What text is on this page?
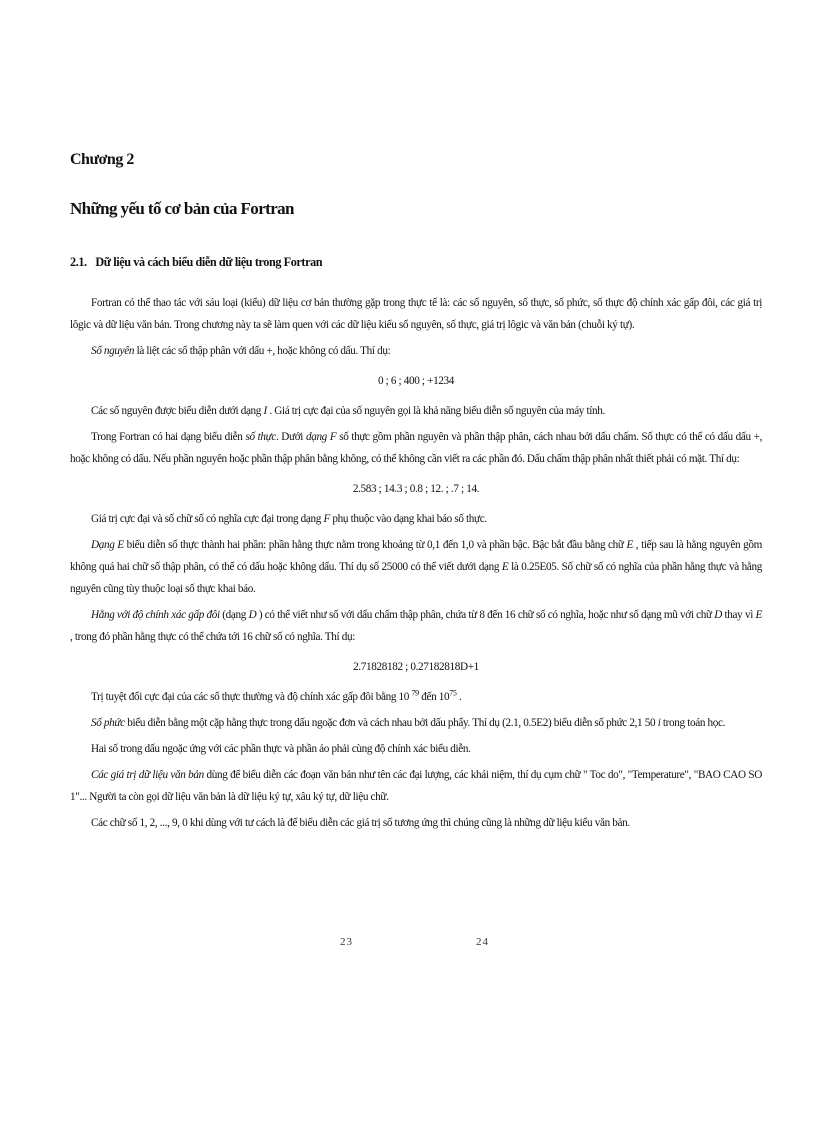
Chương 2
Những yếu tố cơ bản của Fortran
2.1. Dữ liệu và cách biểu diễn dữ liệu trong Fortran

Fortran có thể thao tác với sáu loại (kiểu) dữ liệu cơ bản thường gặp trong thực tế là: các số nguyên, số thực, số phức, số thực độ chính xác gấp đôi, các giá trị lôgic và dữ liệu văn bản. Trong chương này ta sẽ làm quen với các dữ liệu kiểu số nguyên, số thực, giá trị lôgic và văn bản (chuỗi ký tự).

Số nguyên là liệt các số thập phân với dấu +, hoặc không có dấu. Thí dụ:

0 ; 6 ; 400 ; +1234

Các số nguyên được biểu diễn dưới dạng I . Giá trị cực đại của số nguyên gọi là khả năng biểu diễn số nguyên của máy tính.

Trong Fortran có hai dạng biểu diễn số thực. Dưới dạng F số thực gồm phần nguyên và phần thập phân, cách nhau bởi dấu chấm. Số thực có thể có dấu dấu +, hoặc không có dấu. Nếu phần nguyên hoặc phần thập phân bằng không, có thể không cần viết ra các phần đó. Dấu chấm thập phân nhất thiết phải có mặt. Thí dụ:

2.583 ; 14.3 ; 0.8 ; 12. ; .7 ; 14.

Giá trị cực đại và số chữ số có nghĩa cực đại trong dạng F phụ thuộc vào dạng khai báo số thực.

Dạng E biểu diễn số thực thành hai phần: phần hằng thực nằm trong khoảng từ 0,1 đến 1,0 và phần bậc. Bậc bắt đầu bằng chữ E , tiếp sau là hằng nguyên gồm không quá hai chữ số thập phân, có thể có dấu hoặc không dấu. Thí dụ số 25000 có thể viết dưới dạng E là 0.25E05. Số chữ số có nghĩa của phần hằng thực và hằng nguyên cũng tùy thuộc loại số thực khai báo.

Hằng với độ chính xác gấp đôi (dạng D ) có thể viết như số với dấu chấm thập phân, chứa từ 8 đến 16 chữ số có nghĩa, hoặc như số dạng mũ với chữ D thay vì E , trong đó phần hằng thực có thể chứa tới 16 chữ số có nghĩa. Thí dụ:

2.71828182 ; 0.27182818D+1

Trị tuyệt đối cực đại của các số thực thường và độ chính xác gấp đôi bằng 10 $^{79}$ đến $10^{75}$ .

Số phức biểu diễn bằng một cặp hằng thực trong dấu ngoặc đơn và cách nhau bởi dấu phẩy. Thí dụ (2.1, 0.5E2) biểu diễn số phức 2,1 50 i trong toán học.

Hai số trong dấu ngoặc ứng với các phần thực và phần ảo phải cùng độ chính xác biểu diễn.

Các giá trị dữ liệu văn bản dùng để biểu diễn các đoạn văn bản như tên các đại lượng, các khái niệm, thí dụ cụm chữ " Toc do", "Temperature", "BAO CAO SO 1"... Người ta còn gọi dữ liệu văn bản là dữ liệu ký tự, xâu ký tự, dữ liệu chữ.

Các chữ số 1, 2, ..., 9, 0 khi dùng với tư cách là để biểu diễn các giá trị số tương ứng thì chúng cũng là những dữ liệu kiểu văn bản.

23	24
